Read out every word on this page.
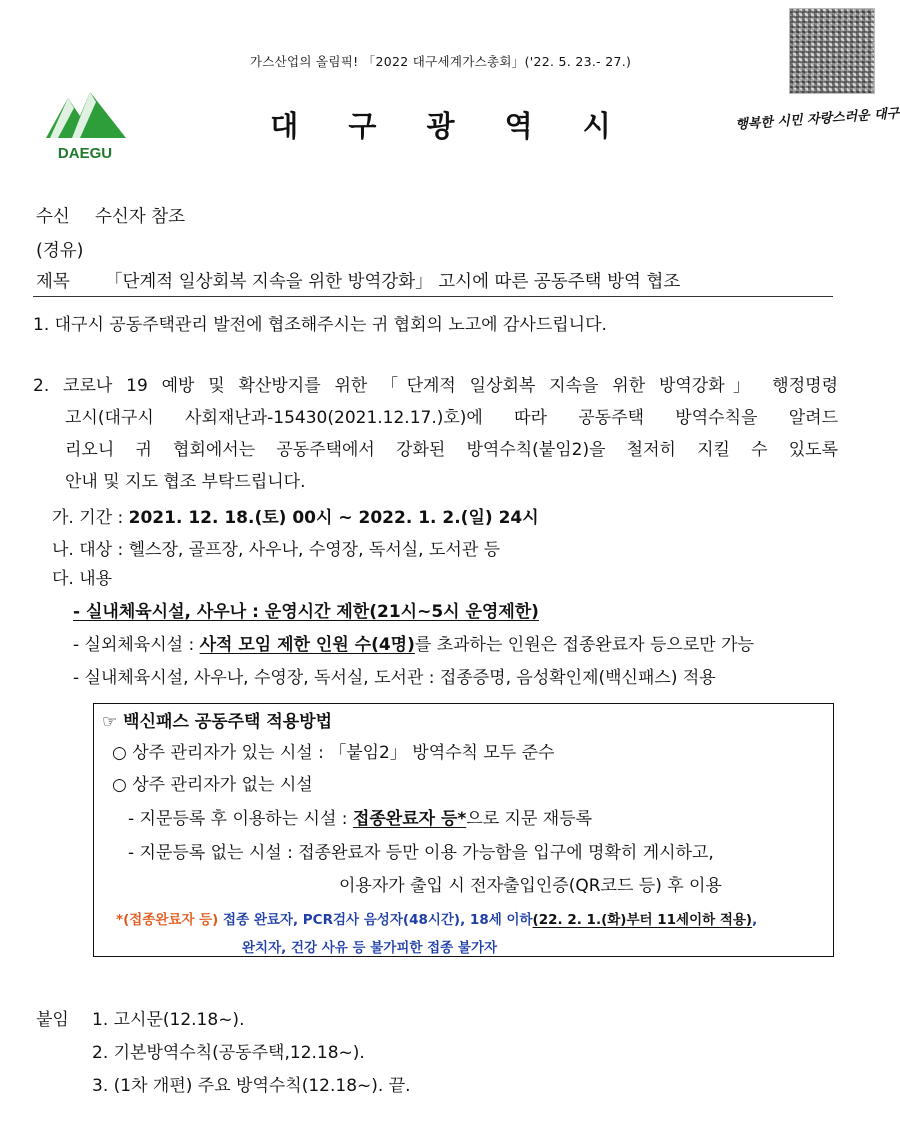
가스산업의 올림픽! 「2022 대구세계가스총회」('22. 5. 23.- 27.)
DAEGU
대 구 광 역 시	행복한 시민 자랑스러운 대구
수신 수신자 참조
(경유)
제목 「단계적 일상회복 지속을 위한 방역강화」 고시에 따른 공동주택 방역 협조
1. 대구시 공동주택관리 발전에 협조해주시는 귀 협회의 노고에 감사드립니다.
2. 코로나 19 예방 및 확산방지를 위한 「단계적 일상회복 지속을 위한 방역강화」 행정명령
고시(대구시 사회재난과-15430(2021.12.17.)호)에 따라 공동주택 방역수칙을 알려드
리오니 귀 협회에서는 공동주택에서 강화된 방역수칙(붙임2)을 철저히 지킬 수 있도록
안내 및 지도 협조 부탁드립니다.
가. 기간 : 2021. 12. 18.(토) 00시 ~ 2022. 1. 2.(일) 24시
나. 대상 : 헬스장, 골프장, 사우나, 수영장, 독서실, 도서관 등
다. 내용
- 실내체육시설, 사우나 : 운영시간 제한(21시~5시 운영제한)
- 실외체육시설 : 사적 모임 제한 인원 수(4명)를 초과하는 인원은 접종완료자 등으로만 가능
- 실내체육시설, 사우나, 수영장, 독서실, 도서관 : 접종증명, 음성확인제(백신패스) 적용
☞ 백신패스 공동주택 적용방법
○ 상주 관리자가 있는 시설 : 「붙임2」 방역수칙 모두 준수
○ 상주 관리자가 없는 시설
- 지문등록 후 이용하는 시설 : 접종완료자 등*으로 지문 재등록
- 지문등록 없는 시설 : 접종완료자 등만 이용 가능함을 입구에 명확히 게시하고,
이용자가 출입 시 전자출입인증(QR코드 등) 후 이용
*(접종완료자 등) 접종 완료자, PCR검사 음성자(48시간), 18세 이하(22. 2. 1.(화)부터 11세이하 적용),
완치자, 건강 사유 등 불가피한 접종 불가자
붙임 1. 고시문(12.18~).
2. 기본방역수칙(공동주택,12.18~).
3. (1차 개편) 주요 방역수칙(12.18~). 끝.
